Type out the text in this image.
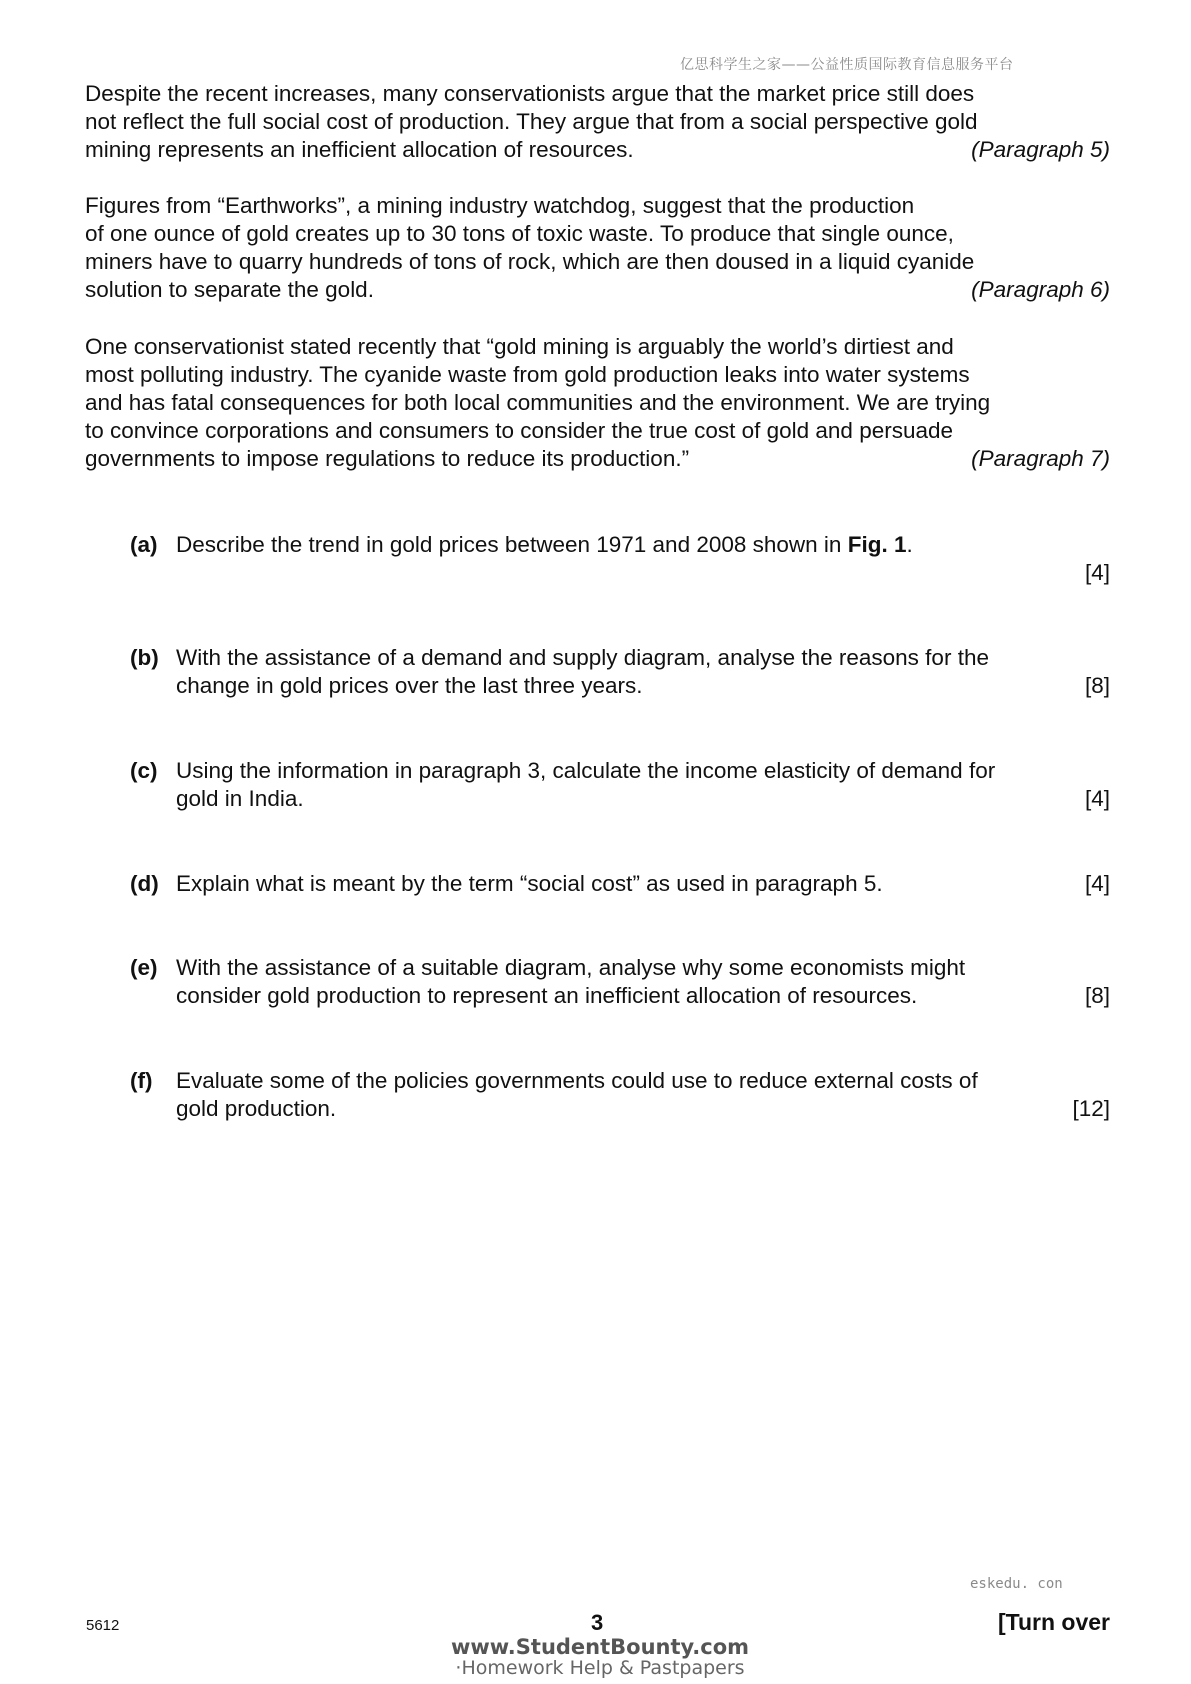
亿思科学生之家——公益性质国际教育信息服务平台
Despite the recent increases, many conservationists argue that the market price still does
not reflect the full social cost of production. They argue that from a social perspective gold
mining represents an inefficient allocation of resources.	(Paragraph 5)
Figures from “Earthworks”, a mining industry watchdog, suggest that the production
of one ounce of gold creates up to 30 tons of toxic waste. To produce that single ounce,
miners have to quarry hundreds of tons of rock, which are then doused in a liquid cyanide
solution to separate the gold.	(Paragraph 6)
One conservationist stated recently that “gold mining is arguably the world’s dirtiest and
most polluting industry. The cyanide waste from gold production leaks into water systems
and has fatal consequences for both local communities and the environment. We are trying
to convince corporations and consumers to consider the true cost of gold and persuade
governments to impose regulations to reduce its production.”	(Paragraph 7)
(a) Describe the trend in gold prices between 1971 and 2008 shown in Fig. 1.
[4]
(b) With the assistance of a demand and supply diagram, analyse the reasons for the
change in gold prices over the last three years.	[8]
(c) Using the information in paragraph 3, calculate the income elasticity of demand for
gold in India.	[4]
(d) Explain what is meant by the term “social cost” as used in paragraph 5.	[4]
(e) With the assistance of a suitable diagram, analyse why some economists might
consider gold production to represent an inefficient allocation of resources.	[8]
(f) Evaluate some of the policies governments could use to reduce external costs of
gold production.	[12]
eskedu. con
5612	3	[Turn over
www.StudentBounty.com
·Homework Help & Pastpapers
